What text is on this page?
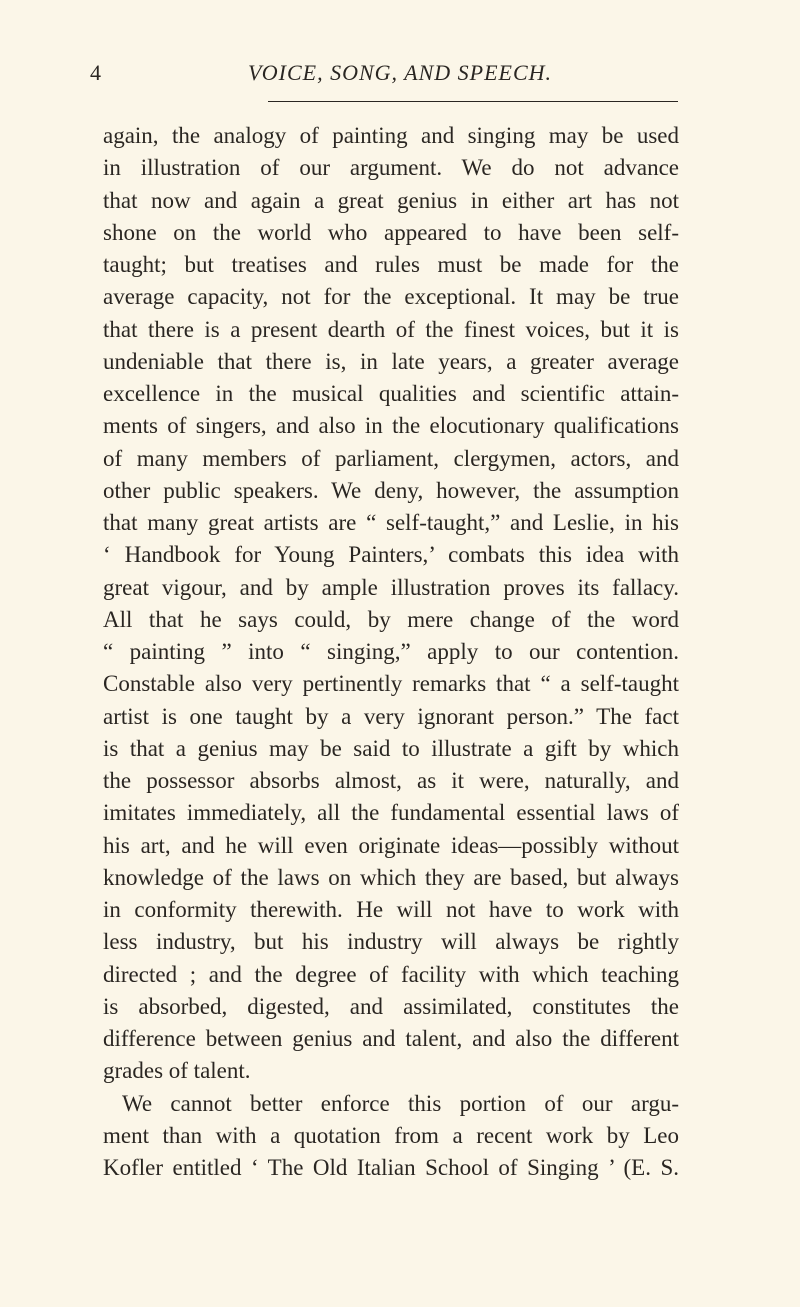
4	VOICE, SONG, AND SPEECH.

again, the analogy of painting and singing may be used
in illustration of our argument. We do not advance
that now and again a great genius in either art has not
shone on the world who appeared to have been self-
taught; but treatises and rules must be made for the
average capacity, not for the exceptional. It may be true
that there is a present dearth of the finest voices, but it is
undeniable that there is, in late years, a greater average
excellence in the musical qualities and scientific attain-
ments of singers, and also in the elocutionary qualifications
of many members of parliament, clergymen, actors, and
other public speakers. We deny, however, the assumption
that many great artists are “ self-taught,” and Leslie, in his
‘ Handbook for Young Painters,’ combats this idea with
great vigour, and by ample illustration proves its fallacy.
All that he says could, by mere change of the word
“ painting ” into “ singing,” apply to our contention.
Constable also very pertinently remarks that “ a self-taught
artist is one taught by a very ignorant person.” The fact
is that a genius may be said to illustrate a gift by which
the possessor absorbs almost, as it were, naturally, and
imitates immediately, all the fundamental essential laws of
his art, and he will even originate ideas—possibly without
knowledge of the laws on which they are based, but always
in conformity therewith. He will not have to work with
less industry, but his industry will always be rightly
directed ; and the degree of facility with which teaching
is absorbed, digested, and assimilated, constitutes the
difference between genius and talent, and also the different
grades of talent.

We cannot better enforce this portion of our argu-
ment than with a quotation from a recent work by Leo
Kofler entitled ‘ The Old Italian School of Singing ’ (E. S.
